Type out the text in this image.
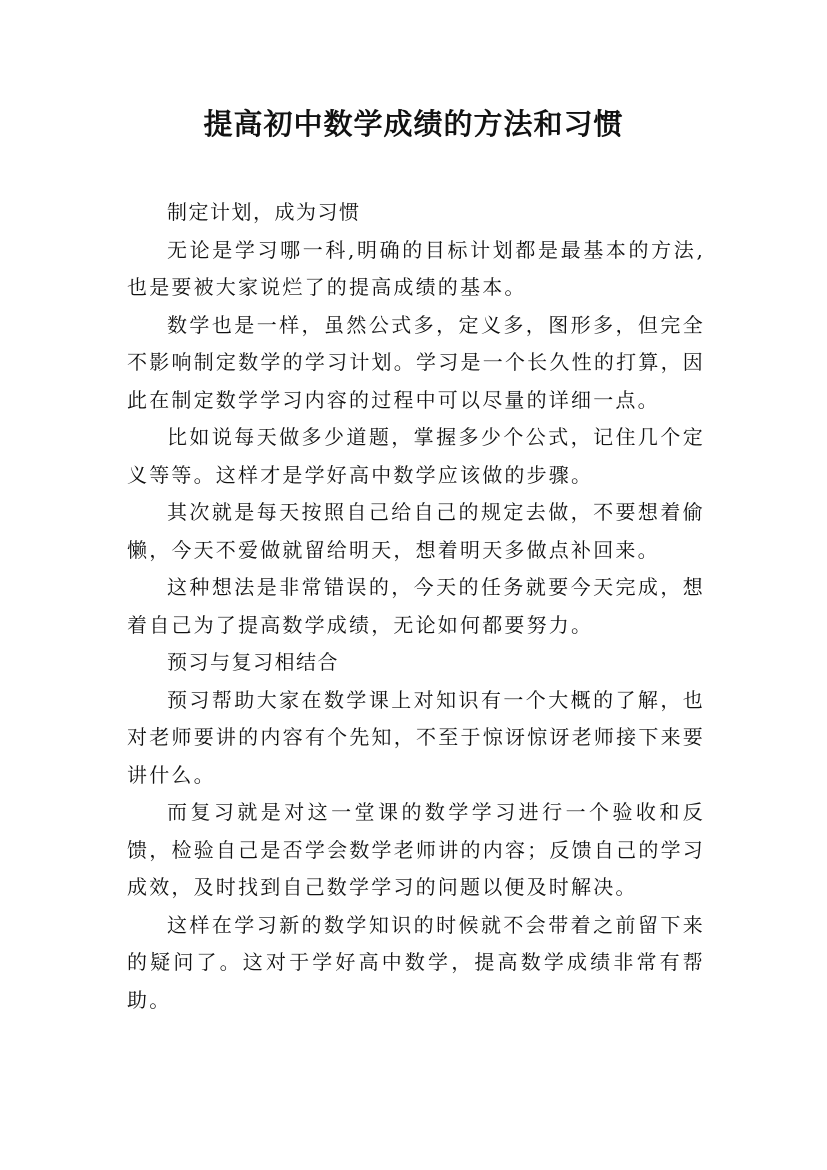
提高初中数学成绩的方法和习惯

制定计划，成为习惯

无论是学习哪一科,明确的目标计划都是最基本的方法,也是要被大家说烂了的提高成绩的基本。

数学也是一样，虽然公式多，定义多，图形多，但完全不影响制定数学的学习计划。学习是一个长久性的打算，因此在制定数学学习内容的过程中可以尽量的详细一点。

比如说每天做多少道题，掌握多少个公式，记住几个定义等等。这样才是学好高中数学应该做的步骤。

其次就是每天按照自己给自己的规定去做，不要想着偷懒，今天不爱做就留给明天，想着明天多做点补回来。

这种想法是非常错误的，今天的任务就要今天完成，想着自己为了提高数学成绩，无论如何都要努力。

预习与复习相结合

预习帮助大家在数学课上对知识有一个大概的了解，也对老师要讲的内容有个先知，不至于惊讶惊讶老师接下来要讲什么。

而复习就是对这一堂课的数学学习进行一个验收和反馈，检验自己是否学会数学老师讲的内容；反馈自己的学习成效，及时找到自己数学学习的问题以便及时解决。

这样在学习新的数学知识的时候就不会带着之前留下来的疑问了。这对于学好高中数学，提高数学成绩非常有帮助。
